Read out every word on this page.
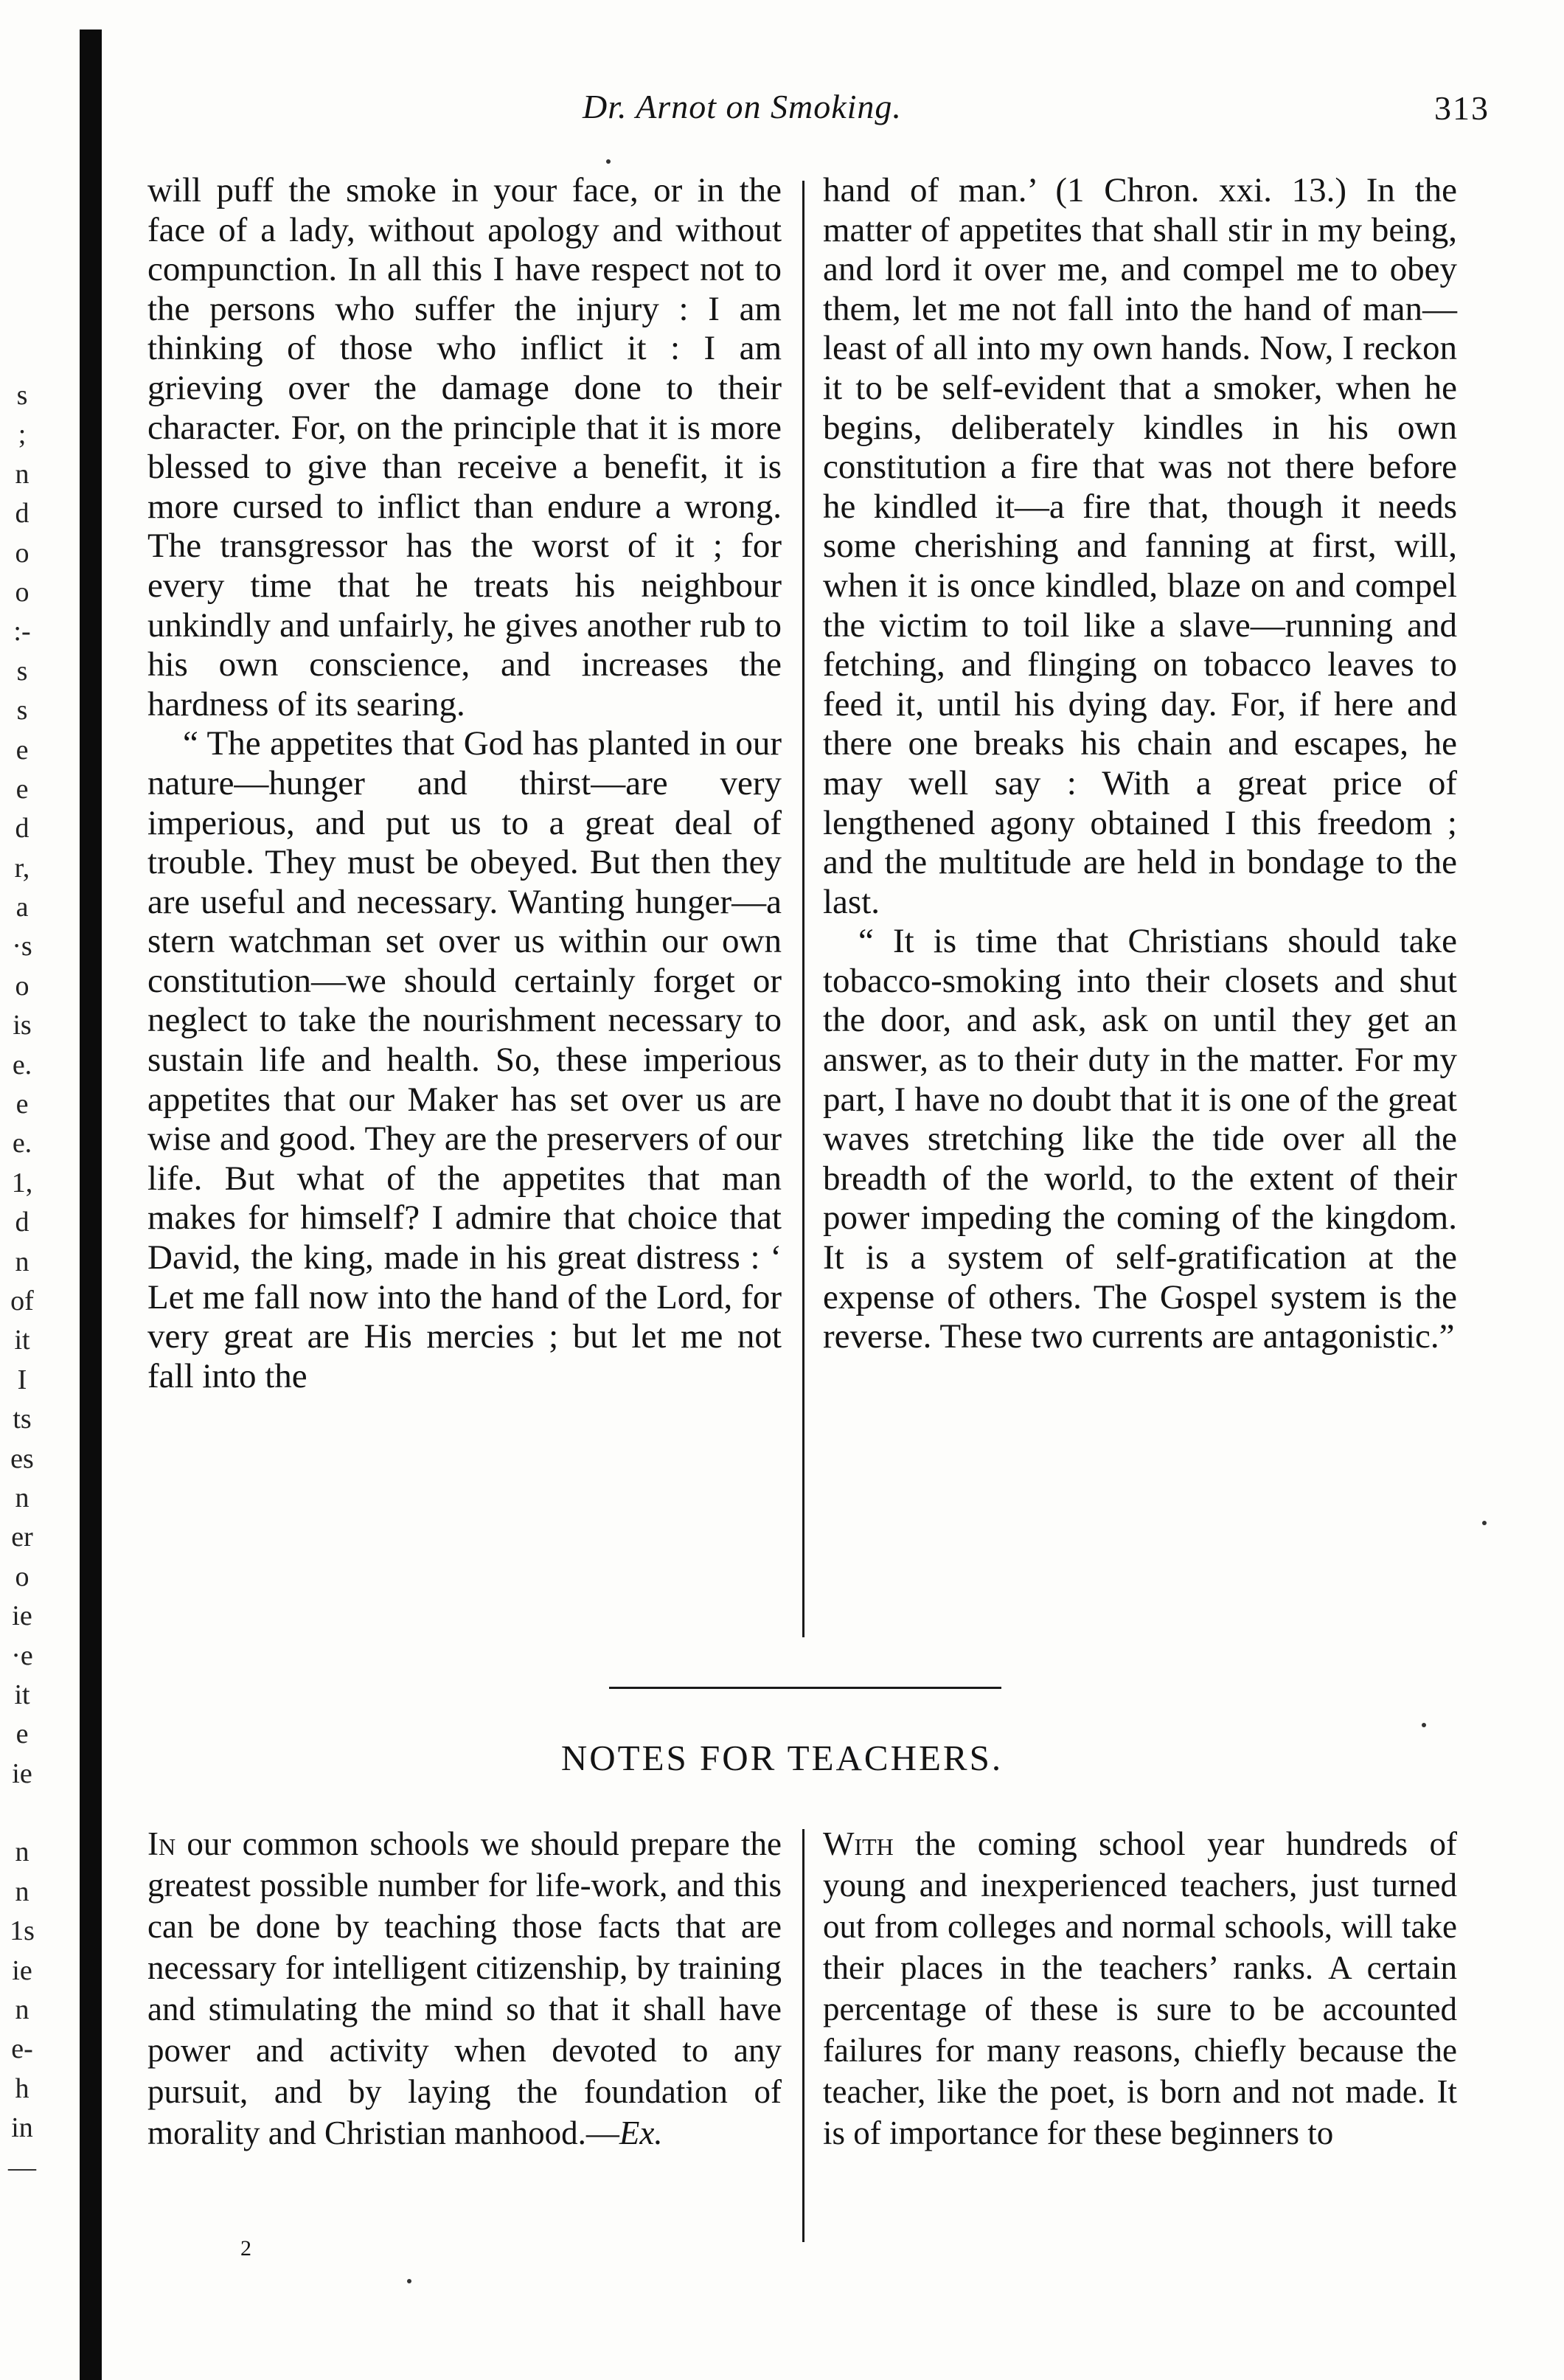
s
;
n
d
o
o
:-
s
s
e
e
d
r,
a
·s
o
is
e.
e
e.
1,
d
n
of
it
I
ts
es
n
er
o
ie
·e
it
e
ie
n
n
1s
ie
n
e-
h
in
—
Dr. Arnot on Smoking.	313

will puff the smoke in your face, or in the face of a lady, without apology and without compunction. In all this I have respect not to the persons who suffer the injury : I am thinking of those who inflict it : I am grieving over the damage done to their character. For, on the principle that it is more blessed to give than receive a benefit, it is more cursed to inflict than endure a wrong. The transgressor has the worst of it ; for every time that he treats his neighbour unkindly and unfairly, he gives another rub to his own conscience, and increases the hardness of its searing.

“ The appetites that God has planted in our nature—hunger and thirst—are very imperious, and put us to a great deal of trouble. They must be obeyed. But then they are useful and necessary. Wanting hunger—a stern watchman set over us within our own constitution—we should certainly forget or neglect to take the nourishment necessary to sustain life and health. So, these imperious appetites that our Maker has set over us are wise and good. They are the preservers of our life. But what of the appetites that man makes for himself? I admire that choice that David, the king, made in his great distress : ‘ Let me fall now into the hand of the Lord, for very great are His mercies ; but let me not fall into the

hand of man.’ (1 Chron. xxi. 13.) In the matter of appetites that shall stir in my being, and lord it over me, and compel me to obey them, let me not fall into the hand of man—least of all into my own hands. Now, I reckon it to be self-evident that a smoker, when he begins, deliberately kindles in his own constitution a fire that was not there before he kindled it—a fire that, though it needs some cherishing and fanning at first, will, when it is once kindled, blaze on and compel the victim to toil like a slave—running and fetching, and flinging on tobacco leaves to feed it, until his dying day. For, if here and there one breaks his chain and escapes, he may well say : With a great price of lengthened agony obtained I this freedom ; and the multitude are held in bondage to the last.

“ It is time that Christians should take tobacco-smoking into their closets and shut the door, and ask, ask on until they get an answer, as to their duty in the matter. For my part, I have no doubt that it is one of the great waves stretching like the tide over all the breadth of the world, to the extent of their power impeding the coming of the kingdom. It is a system of self-gratification at the expense of others. The Gospel system is the reverse. These two currents are antagonistic.”

NOTES FOR TEACHERS.

In our common schools we should prepare the greatest possible number for life-work, and this can be done by teaching those facts that are necessary for intelligent citizenship, by training and stimulating the mind so that it shall have power and activity when devoted to any pursuit, and by laying the foundation of morality and Christian manhood.—Ex.

With the coming school year hundreds of young and inexperienced teachers, just turned out from colleges and normal schools, will take their places in the teachers’ ranks. A certain percentage of these is sure to be accounted failures for many reasons, chiefly because the teacher, like the poet, is born and not made. It is of importance for these beginners to

2
